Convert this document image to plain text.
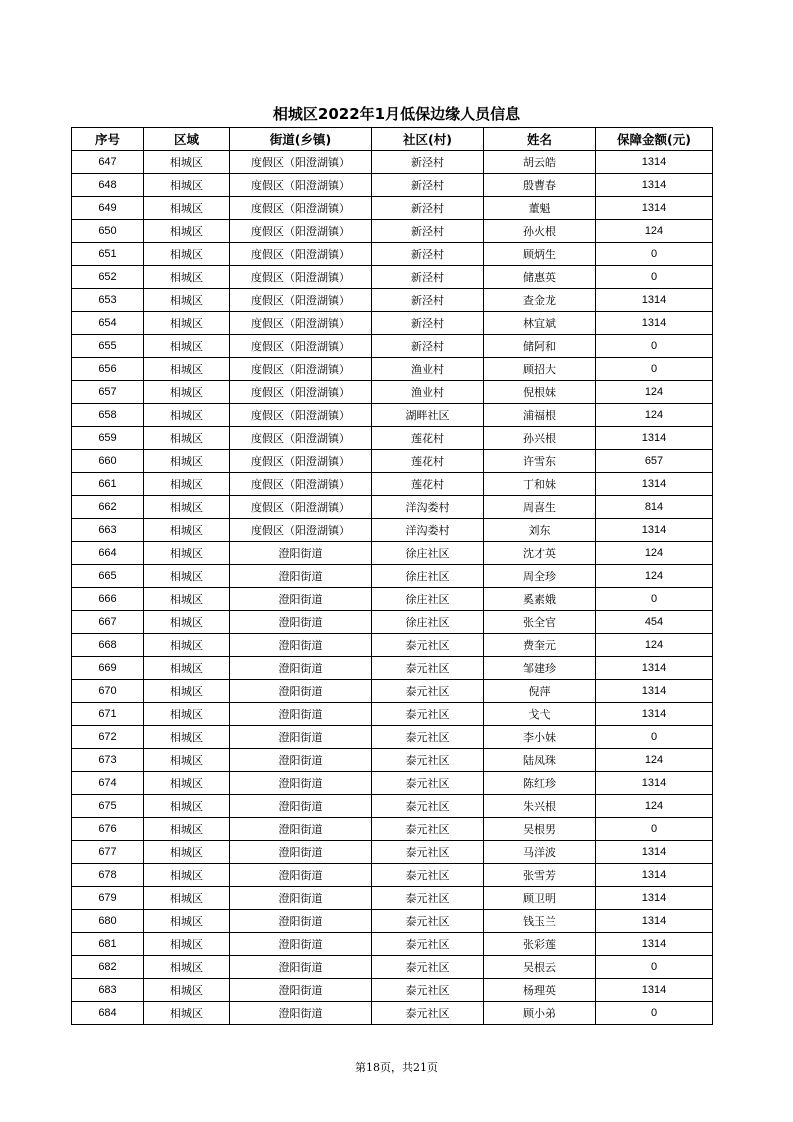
相城区2022年1月低保边缘人员信息
序号	区域	街道(乡镇)	社区(村)	姓名	保障金额(元)
647	相城区	度假区（阳澄湖镇）	新泾村	胡云皓	1314
648	相城区	度假区（阳澄湖镇）	新泾村	殷曹春	1314
649	相城区	度假区（阳澄湖镇）	新泾村	董魁	1314
650	相城区	度假区（阳澄湖镇）	新泾村	孙火根	124
651	相城区	度假区（阳澄湖镇）	新泾村	顾炳生	0
652	相城区	度假区（阳澄湖镇）	新泾村	储惠英	0
653	相城区	度假区（阳澄湖镇）	新泾村	查金龙	1314
654	相城区	度假区（阳澄湖镇）	新泾村	林宜斌	1314
655	相城区	度假区（阳澄湖镇）	新泾村	储阿和	0
656	相城区	度假区（阳澄湖镇）	渔业村	顾招大	0
657	相城区	度假区（阳澄湖镇）	渔业村	倪根妹	124
658	相城区	度假区（阳澄湖镇）	湖畔社区	浦福根	124
659	相城区	度假区（阳澄湖镇）	莲花村	孙兴根	1314
660	相城区	度假区（阳澄湖镇）	莲花村	许雪东	657
661	相城区	度假区（阳澄湖镇）	莲花村	丁和妹	1314
662	相城区	度假区（阳澄湖镇）	洋沟娄村	周喜生	814
663	相城区	度假区（阳澄湖镇）	洋沟娄村	刘东	1314
664	相城区	澄阳街道	徐庄社区	沈才英	124
665	相城区	澄阳街道	徐庄社区	周全珍	124
666	相城区	澄阳街道	徐庄社区	奚素娥	0
667	相城区	澄阳街道	徐庄社区	张全官	454
668	相城区	澄阳街道	泰元社区	费奎元	124
669	相城区	澄阳街道	泰元社区	邹建珍	1314
670	相城区	澄阳街道	泰元社区	倪萍	1314
671	相城区	澄阳街道	泰元社区	戈弋	1314
672	相城区	澄阳街道	泰元社区	李小妹	0
673	相城区	澄阳街道	泰元社区	陆凤珠	124
674	相城区	澄阳街道	泰元社区	陈红珍	1314
675	相城区	澄阳街道	泰元社区	朱兴根	124
676	相城区	澄阳街道	泰元社区	吴根男	0
677	相城区	澄阳街道	泰元社区	马洋波	1314
678	相城区	澄阳街道	泰元社区	张雪芳	1314
679	相城区	澄阳街道	泰元社区	顾卫明	1314
680	相城区	澄阳街道	泰元社区	钱玉兰	1314
681	相城区	澄阳街道	泰元社区	张彩莲	1314
682	相城区	澄阳街道	泰元社区	吴根云	0
683	相城区	澄阳街道	泰元社区	杨理英	1314
684	相城区	澄阳街道	泰元社区	顾小弟	0
第18页，共21页
